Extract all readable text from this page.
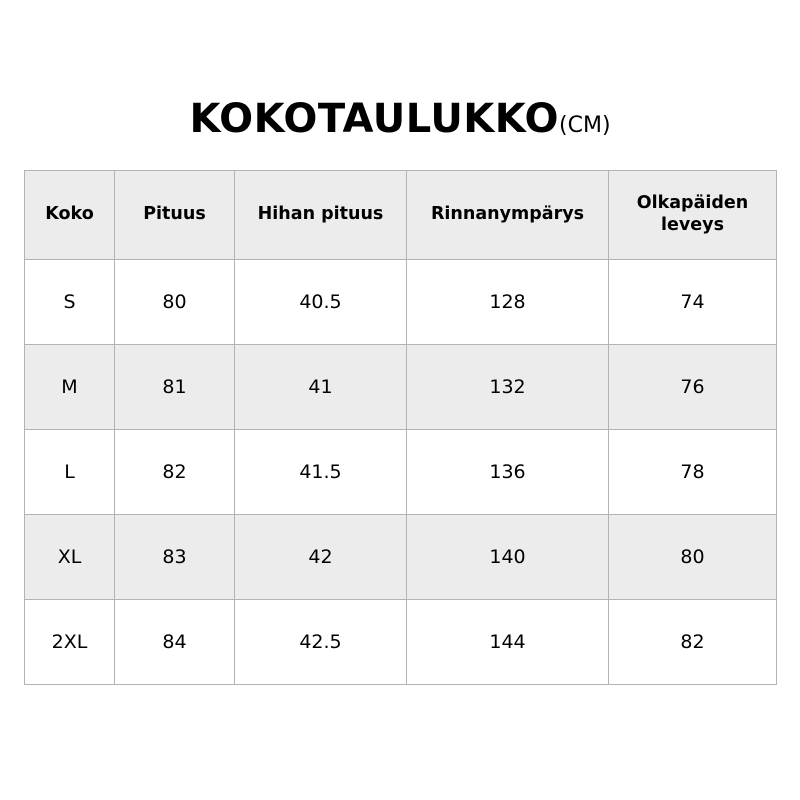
KOKOTAULUKKO(CM)
Koko	Pituus	Hihan pituus	Rinnanympärys	Olkapäiden leveys
S	80	40.5	128	74
M	81	41	132	76
L	82	41.5	136	78
XL	83	42	140	80
2XL	84	42.5	144	82
